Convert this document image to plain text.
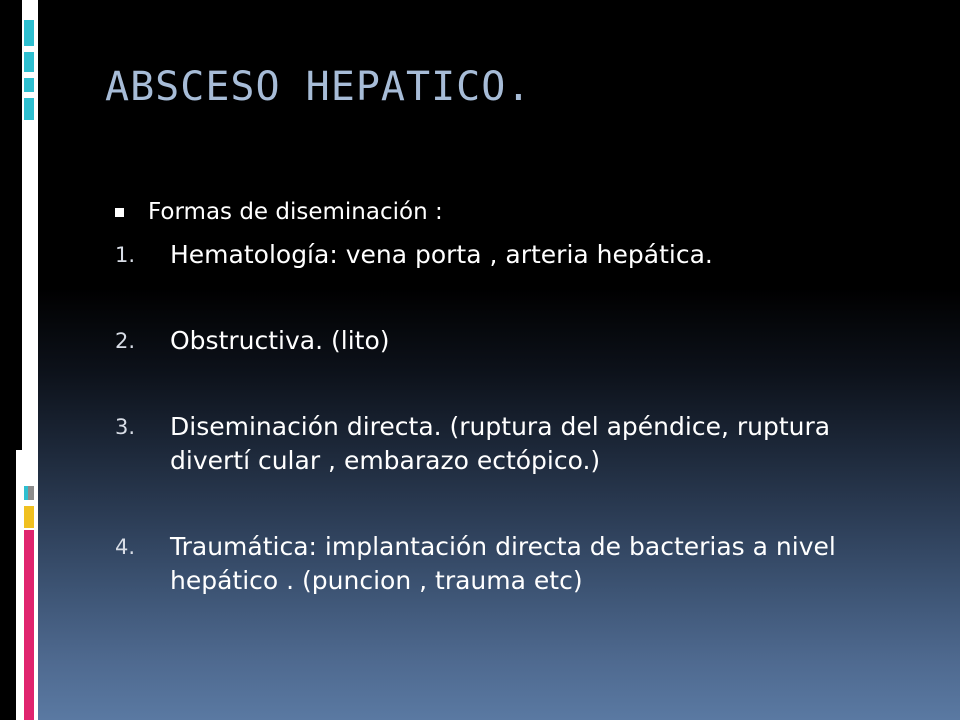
ABSCESO HEPATICO.
Formas de diseminación :
1.	Hematología: vena porta , arteria hepática.
2.	Obstructiva. (lito)
3.	Diseminación directa. (ruptura del apéndice, ruptura divertí cular , embarazo ectópico.)
4.	Traumática: implantación directa de bacterias a nivel hepático . (puncion , trauma etc)
